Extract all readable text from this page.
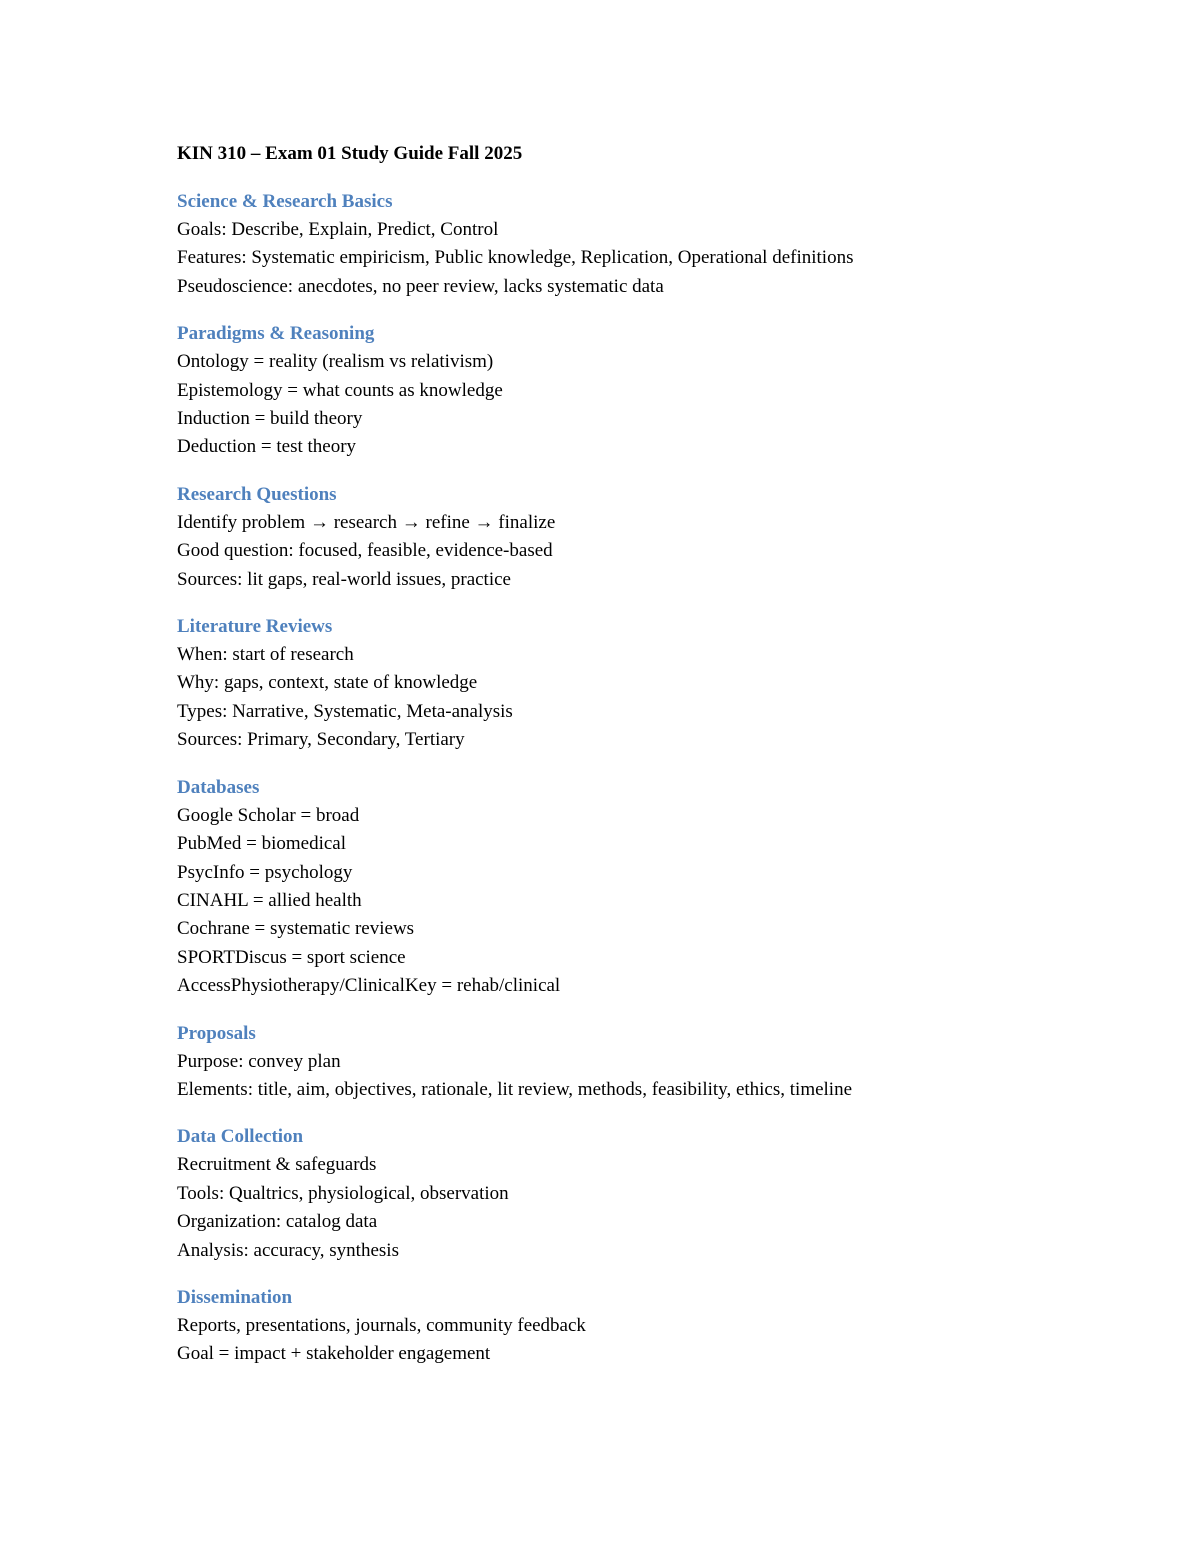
KIN 310 – Exam 01 Study Guide Fall 2025
Science & Research Basics
Goals: Describe, Explain, Predict, Control
Features: Systematic empiricism, Public knowledge, Replication, Operational definitions
Pseudoscience: anecdotes, no peer review, lacks systematic data
Paradigms & Reasoning
Ontology = reality (realism vs relativism)
Epistemology = what counts as knowledge
Induction = build theory
Deduction = test theory
Research Questions
Identify problem → research → refine → finalize
Good question: focused, feasible, evidence-based
Sources: lit gaps, real-world issues, practice
Literature Reviews
When: start of research
Why: gaps, context, state of knowledge
Types: Narrative, Systematic, Meta-analysis
Sources: Primary, Secondary, Tertiary
Databases
Google Scholar = broad
PubMed = biomedical
PsycInfo = psychology
CINAHL = allied health
Cochrane = systematic reviews
SPORTDiscus = sport science
AccessPhysiotherapy/ClinicalKey = rehab/clinical
Proposals
Purpose: convey plan
Elements: title, aim, objectives, rationale, lit review, methods, feasibility, ethics, timeline
Data Collection
Recruitment & safeguards
Tools: Qualtrics, physiological, observation
Organization: catalog data
Analysis: accuracy, synthesis
Dissemination
Reports, presentations, journals, community feedback
Goal = impact + stakeholder engagement
